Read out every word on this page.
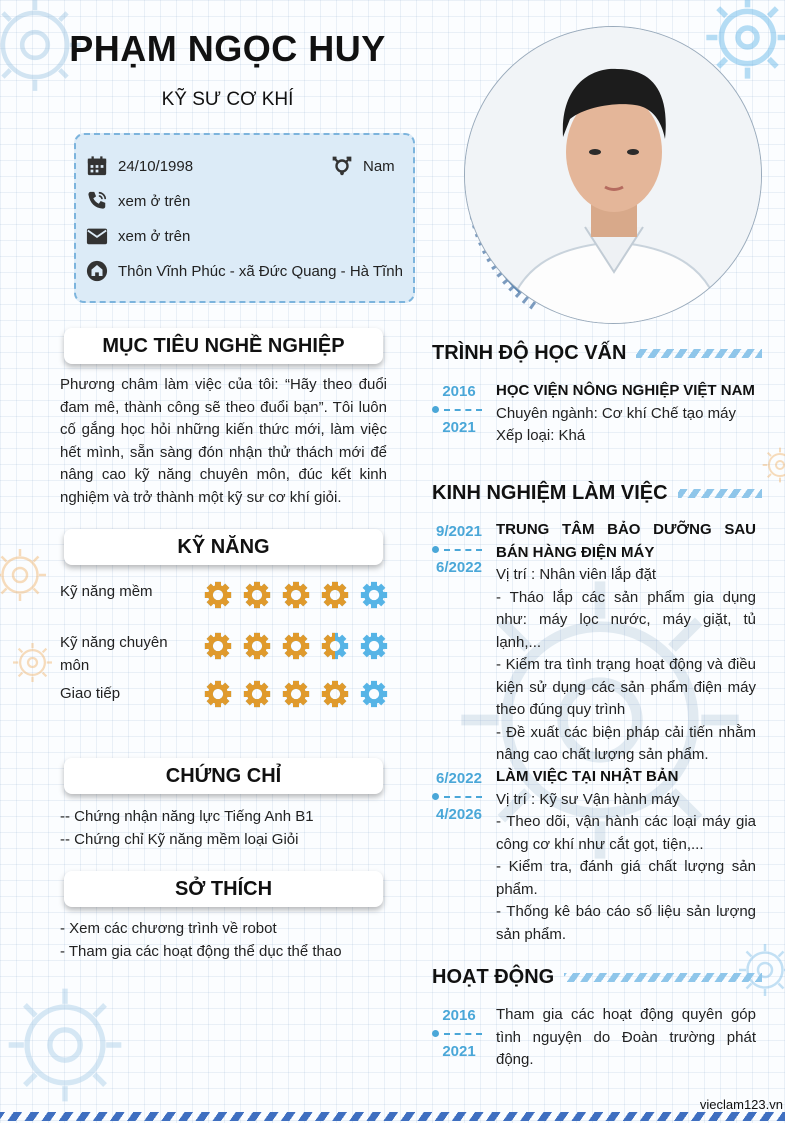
PHẠM NGỌC HUY
KỸ SƯ CƠ KHÍ
24/10/1998	Nam
xem ở trên
xem ở trên
Thôn Vĩnh Phúc - xã Đức Quang - Hà Tĩnh
MỤC TIÊU NGHỀ NGHIỆP
Phương châm làm việc của tôi: “Hãy theo đuổi đam mê, thành công sẽ theo đuổi bạn”. Tôi luôn cố gắng học hỏi những kiến thức mới, làm việc hết mình, sẵn sàng đón nhận thử thách mới để nâng cao kỹ năng chuyên môn, đúc kết kinh nghiệm và trở thành một kỹ sư cơ khí giỏi.
KỸ NĂNG
Kỹ năng mềm
Kỹ năng chuyên môn
Giao tiếp
CHỨNG CHỈ
-- Chứng nhận năng lực Tiếng Anh B1
-- Chứng chỉ Kỹ năng mềm loại Giỏi
SỞ THÍCH
- Xem các chương trình về robot
- Tham gia các hoạt động thể dục thể thao
TRÌNH ĐỘ HỌC VẤN
2016
2021
HỌC VIỆN NÔNG NGHIỆP VIỆT NAM
Chuyên ngành: Cơ khí Chế tạo máy
Xếp loại: Khá
KINH NGHIỆM LÀM VIỆC
9/2021
6/2022
TRUNG TÂM BẢO DƯỠNG SAU BÁN HÀNG ĐIỆN MÁY
Vị trí : Nhân viên lắp đặt
- Tháo lắp các sản phẩm gia dụng như: máy lọc nước, máy giặt, tủ lạnh,...
- Kiểm tra tình trạng hoạt động và điều kiện sử dụng các sản phẩm điện máy theo đúng quy trình
- Đề xuất các biện pháp cải tiến nhằm nâng cao chất lượng sản phẩm.
6/2022
4/2026
LÀM VIỆC TẠI NHẬT BẢN
Vị trí : Kỹ sư Vận hành máy
- Theo dõi, vận hành các loại máy gia công cơ khí như cắt gọt, tiện,...
- Kiểm tra, đánh giá chất lượng sản phẩm.
- Thống kê báo cáo số liệu sản lượng sản phẩm.
HOẠT ĐỘNG
2016
2021
Tham gia các hoạt động quyên góp tình nguyện do Đoàn trường phát động.
vieclam123.vn
